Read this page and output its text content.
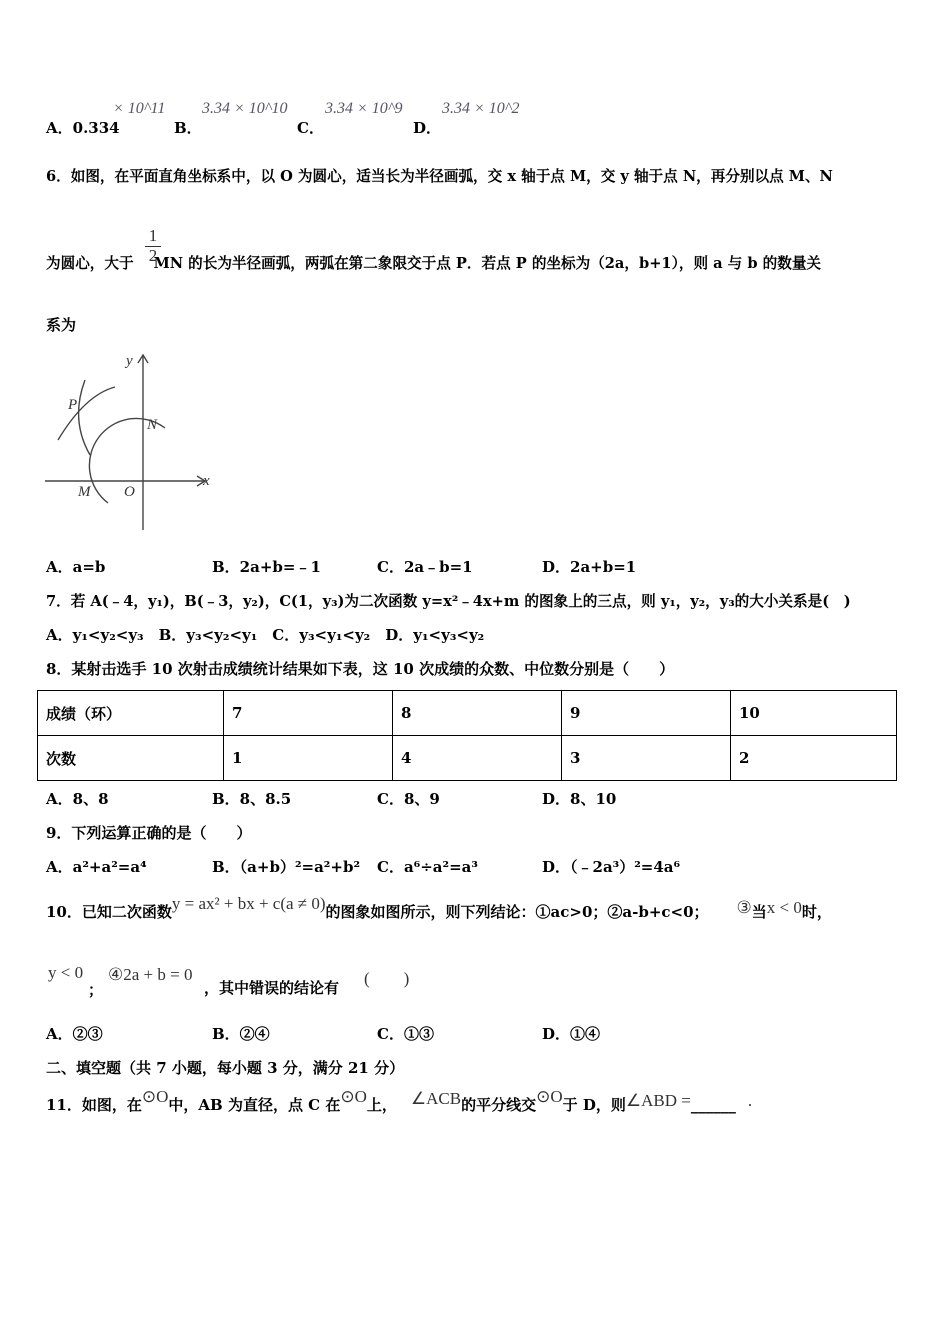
A．0.334
× 10^11
B．
3.34 × 10^10
C．
3.34 × 10^9
D．
3.34 × 10^2
6．如图，在平面直角坐标系中，以 O 为圆心，适当长为半径画弧，交 x 轴于点 M，交 y 轴于点 N，再分别以点 M、N
为圆心，大于 MN 的长为半径画弧，两弧在第二象限交于点 P．若点 P 的坐标为（2a，b+1），则 a 与 b 的数量关
$\frac{1}{2}$
系为
y
x
P
N
M O
A．a=b	B．2a+b=﹣1	C．2a﹣b=1	D．2a+b=1
7．若 A(﹣4，y₁)，B(﹣3，y₂)，C(1，y₃)为二次函数 y=x²﹣4x+m 的图象上的三点，则 y₁，y₂，y₃的大小关系是(　)
A．y₁<y₂<y₃　B．y₃<y₂<y₁　C．y₃<y₁<y₂　D．y₁<y₃<y₂
8．某射击选手 10 次射击成绩统计结果如下表，这 10 次成绩的众数、中位数分别是（　　）
成绩（环）	7	8	9	10
次数	1	4	3	2
A．8、8	B．8、8.5	C．8、9	D．8、10
9．下列运算正确的是（　　）
A．a²+a²=a⁴	B．（a+b）²=a²+b² C．a⁶÷a²=a³	D．（﹣2a³）²=4a⁶
10．已知二次函数y = ax² + bx + c(a ≠ 0)的图象如图所示，则下列结论：①ac>0；②a-b+c<0； ③当x < 0时，
y < 0
；
④2a + b = 0
，其中错误的结论有 (　　)
A．②③	B．②④	C．①③	D．①④
二、填空题（共 7 小题，每小题 3 分，满分 21 分）
11．如图，在⊙O中，AB 为直径，点 C 在⊙O上， ∠ACB的平分线交⊙O于 D，则∠ABD =______ .
